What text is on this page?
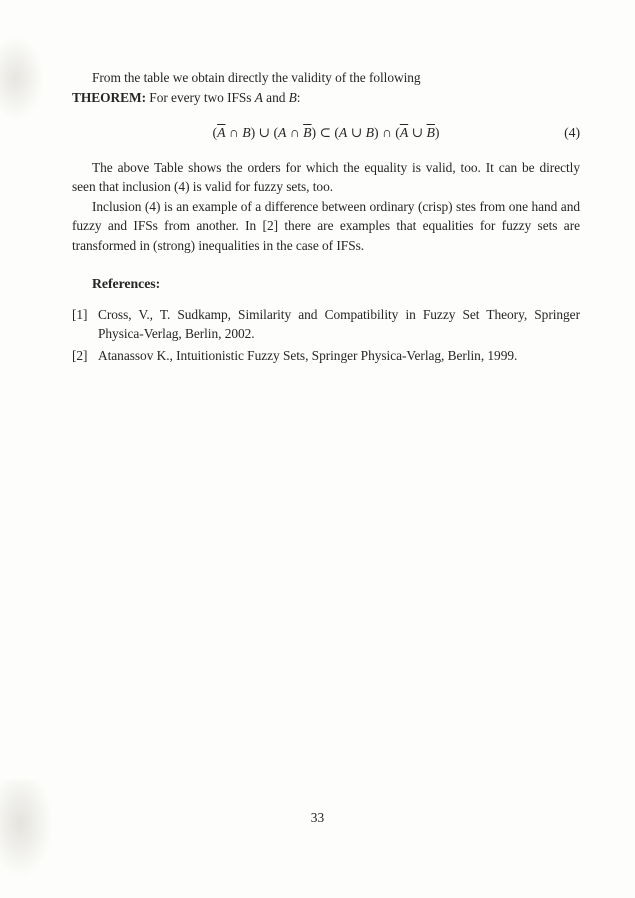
From the table we obtain directly the validity of the following

THEOREM: For every two IFSs A and B:

($\overline{A}$ ∩ B) ∪ (A ∩ $\overline{B}$) ⊂ (A ∪ B) ∩ ($\overline{A}$ ∪ $\overline{B}$)	(4)

The above Table shows the orders for which the equality is valid, too. It can be directly seen that inclusion (4) is valid for fuzzy sets, too.

Inclusion (4) is an example of a difference between ordinary (crisp) stes from one hand and fuzzy and IFSs from another. In [2] there are examples that equalities for fuzzy sets are transformed in (strong) inequalities in the case of IFSs.

References:
[1] Cross, V., T. Sudkamp, Similarity and Compatibility in Fuzzy Set Theory, Springer Physica-Verlag, Berlin, 2002.
[2] Atanassov K., Intuitionistic Fuzzy Sets, Springer Physica-Verlag, Berlin, 1999.
33
